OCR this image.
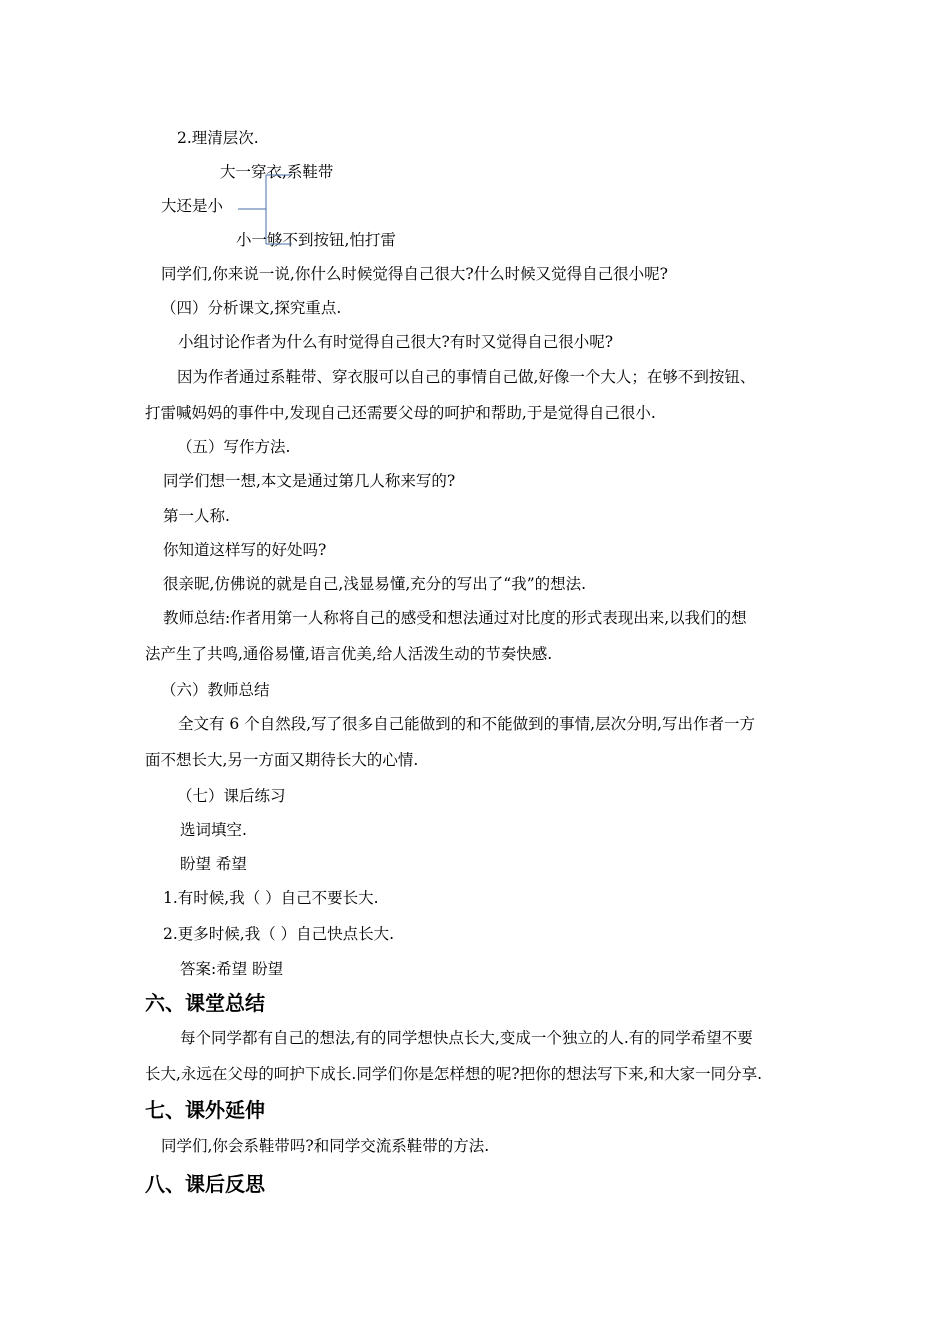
2.理清层次.
大一穿衣,系鞋带
大还是小
小一够不到按钮,怕打雷
同学们,你来说一说,你什么时候觉得自己很大?什么时候又觉得自己很小呢?
（四）分析课文,探究重点.
小组讨论作者为什么有时觉得自己很大?有时又觉得自己很小呢?
因为作者通过系鞋带、穿衣服可以自己的事情自己做,好像一个大人；在够不到按钮、
打雷喊妈妈的事件中,发现自己还需要父母的呵护和帮助,于是觉得自己很小.
（五）写作方法.
同学们想一想,本文是通过第几人称来写的?
第一人称.
你知道这样写的好处吗?
很亲昵,仿佛说的就是自己,浅显易懂,充分的写出了“我”的想法.
教师总结:作者用第一人称将自己的感受和想法通过对比度的形式表现出来,以我们的想
法产生了共鸣,通俗易懂,语言优美,给人活泼生动的节奏快感.
（六）教师总结
全文有 6 个自然段,写了很多自己能做到的和不能做到的事情,层次分明,写出作者一方
面不想长大,另一方面又期待长大的心情.
（七）课后练习
选词填空.
盼望 希望
1.有时候,我（ ）自己不要长大.
2.更多时候,我（ ）自己快点长大.
答案:希望 盼望
六、课堂总结
每个同学都有自己的想法,有的同学想快点长大,变成一个独立的人.有的同学希望不要
长大,永远在父母的呵护下成长.同学们你是怎样想的呢?把你的想法写下来,和大家一同分享.
七、课外延伸
同学们,你会系鞋带吗?和同学交流系鞋带的方法.
八、课后反思
